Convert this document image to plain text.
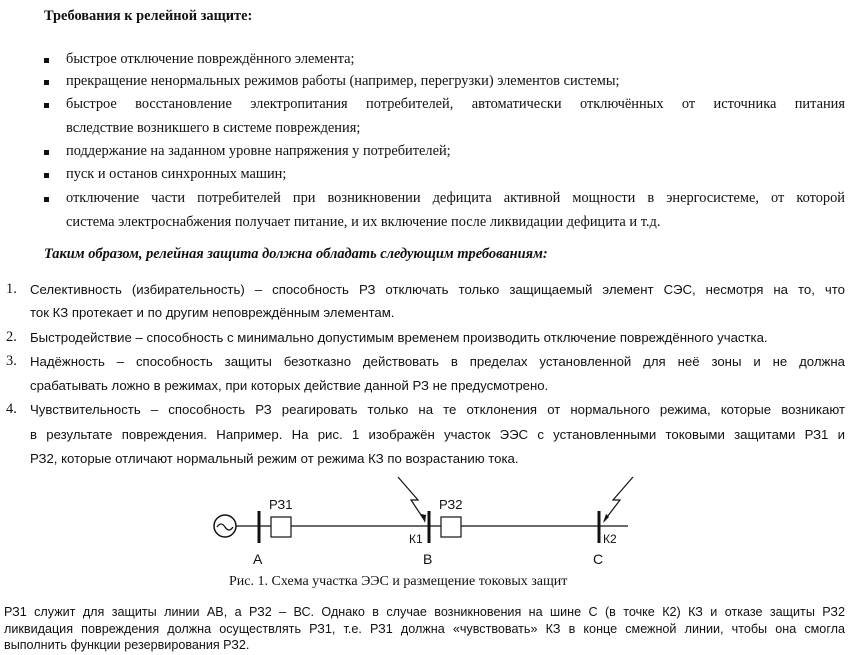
Требования к релейной защите:
быстрое отключение повреждённого элемента;
прекращение ненормальных режимов работы (например, перегрузки) элементов системы;
быстрое восстановление электропитания потребителей, автоматически отключённых от источника питания
вследствие возникшего в системе повреждения;
поддержание на заданном уровне напряжения у потребителей;
пуск и останов синхронных машин;
отключение части потребителей при возникновении дефицита активной мощности в энергосистеме, от которой
система электроснабжения получает питание, и их включение после ликвидации дефицита и т.д.
Таким образом, релейная защита должна обладать следующим требованиям:
1. Селективность (избирательность) – способность РЗ отключать только защищаемый элемент СЭС, несмотря на то, что
ток КЗ протекает и по другим неповреждённым элементам.
2. Быстродействие – способность с минимально допустимым временем производить отключение повреждённого участка.
3. Надёжность – способность защиты безотказно действовать в пределах установленной для неё зоны и не должна
срабатывать ложно в режимах, при которых действие данной РЗ не предусмотрено.
4. Чувствительность – способность РЗ реагировать только на те отклонения от нормального режима, которые возникают
в результате повреждения. Например. На рис. 1 изображён участок ЭЭС с установленными токовыми защитами РЗ1 и
РЗ2, которые отличают нормальный режим от режима КЗ по возрастанию тока.
РЗ1	РЗ2
К1	К2
А	В	С
Рис. 1. Схема участка ЭЭС и размещение токовых защит
РЗ1 служит для защиты линии АВ, а РЗ2 – ВС. Однако в случае возникновения на шине С (в точке К2) КЗ и отказе защиты РЗ2
ликвидация повреждения должна осуществлять РЗ1, т.е. РЗ1 должна «чувствовать» КЗ в конце смежной линии, чтобы она смогла
выполнить функции резервирования РЗ2.
